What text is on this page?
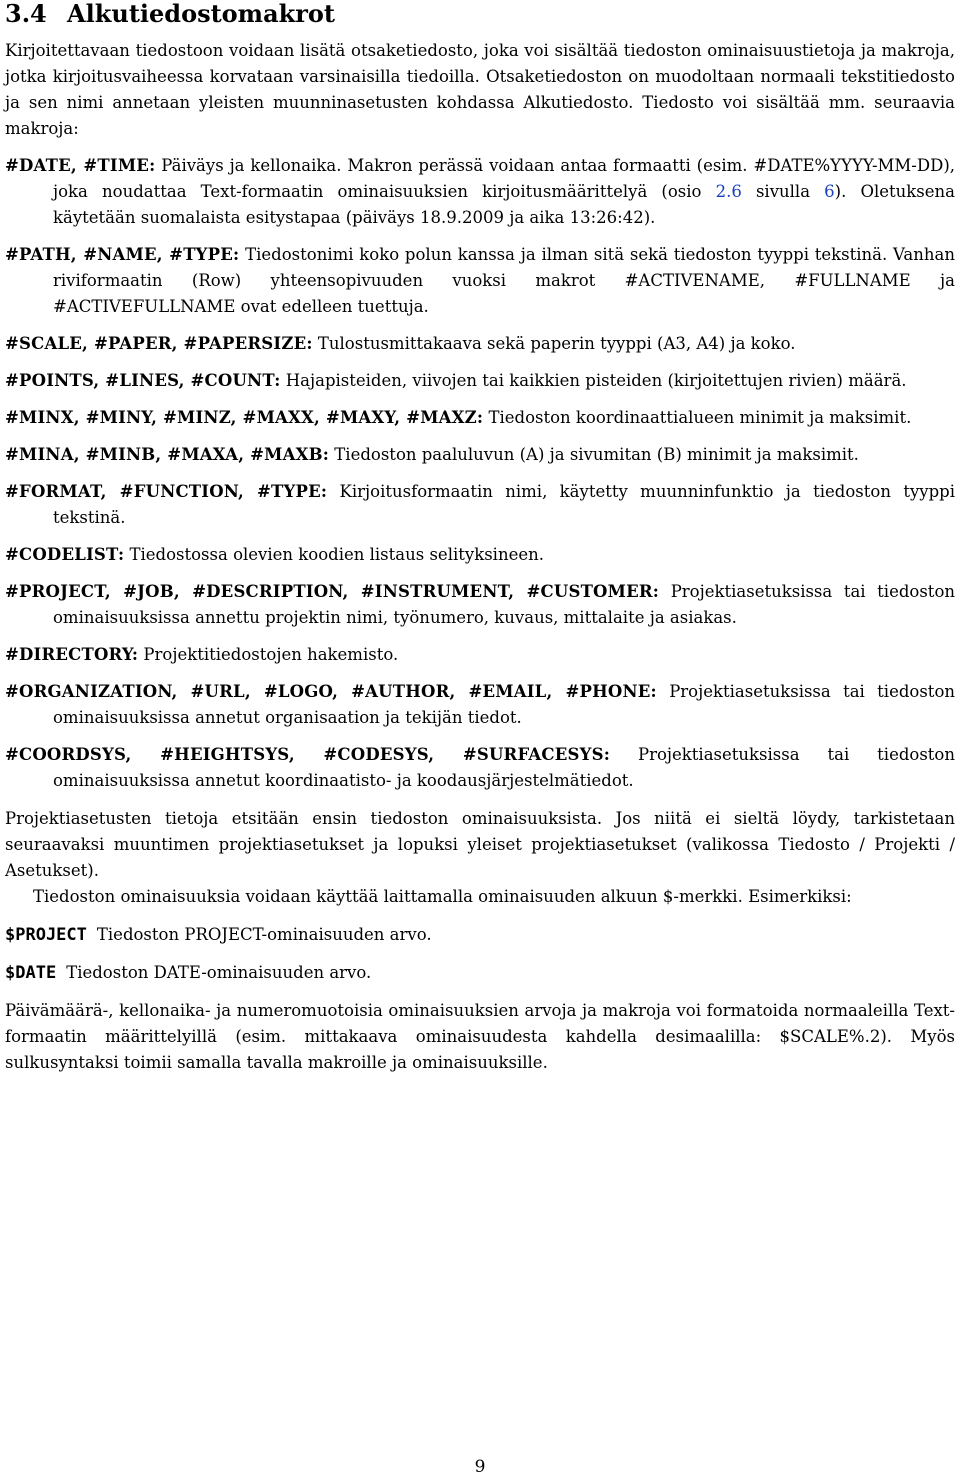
3.4 Alkutiedostomakrot

Kirjoitettavaan tiedostoon voidaan lisätä otsaketiedosto, joka voi sisältää tiedoston ominaisuustietoja ja makroja, jotka kirjoitusvaiheessa korvataan varsinaisilla tiedoilla. Otsaketiedoston on muodoltaan normaali tekstitiedosto ja sen nimi annetaan yleisten muunninasetusten kohdassa Alkutiedosto. Tiedosto voi sisältää mm. seuraavia makroja:

#DATE, #TIME: Päiväys ja kellonaika. Makron perässä voidaan antaa formaatti (esim. #DATE%YYYY-MM-DD), joka noudattaa Text-formaatin ominaisuuksien kirjoitusmäärittelyä (osio 2.6 sivulla 6). Oletuksena käytetään suomalaista esitystapaa (päiväys 18.9.2009 ja aika 13:26:42).

#PATH, #NAME, #TYPE: Tiedostonimi koko polun kanssa ja ilman sitä sekä tiedoston tyyppi tekstinä. Vanhan riviformaatin (Row) yhteensopivuuden vuoksi makrot #ACTIVENAME, #FULLNAME ja #ACTIVEFULLNAME ovat edelleen tuettuja.

#SCALE, #PAPER, #PAPERSIZE: Tulostusmittakaava sekä paperin tyyppi (A3, A4) ja koko.

#POINTS, #LINES, #COUNT: Hajapisteiden, viivojen tai kaikkien pisteiden (kirjoitettujen rivien) määrä.

#MINX, #MINY, #MINZ, #MAXX, #MAXY, #MAXZ: Tiedoston koordinaattialueen minimit ja maksimit.

#MINA, #MINB, #MAXA, #MAXB: Tiedoston paaluluvun (A) ja sivumitan (B) minimit ja maksimit.

#FORMAT, #FUNCTION, #TYPE: Kirjoitusformaatin nimi, käytetty muunninfunktio ja tiedoston tyyppi tekstinä.

#CODELIST: Tiedostossa olevien koodien listaus selityksineen.

#PROJECT, #JOB, #DESCRIPTION, #INSTRUMENT, #CUSTOMER: Projektiasetuksissa tai tiedoston ominaisuuksissa annettu projektin nimi, työnumero, kuvaus, mittalaite ja asiakas.

#DIRECTORY: Projektitiedostojen hakemisto.

#ORGANIZATION, #URL, #LOGO, #AUTHOR, #EMAIL, #PHONE: Projektiasetuksissa tai tiedoston ominaisuuksissa annetut organisaation ja tekijän tiedot.

#COORDSYS, #HEIGHTSYS, #CODESYS, #SURFACESYS: Projektiasetuksissa tai tiedoston ominaisuuksissa annetut koordinaatisto- ja koodausjärjestelmätiedot.

Projektiasetusten tietoja etsitään ensin tiedoston ominaisuuksista. Jos niitä ei sieltä löydy, tarkistetaan seuraavaksi muuntimen projektiasetukset ja lopuksi yleiset projektiasetukset (valikossa Tiedosto / Projekti / Asetukset).

Tiedoston ominaisuuksia voidaan käyttää laittamalla ominaisuuden alkuun $-merkki. Esimerkiksi:

$PROJECT Tiedoston PROJECT-ominaisuuden arvo.

$DATE Tiedoston DATE-ominaisuuden arvo.

Päivämäärä-, kellonaika- ja numeromuotoisia ominaisuuksien arvoja ja makroja voi formatoida normaaleilla Text-formaatin määrittelyillä (esim. mittakaava ominaisuudesta kahdella desimaalilla: $SCALE%.2). Myös sulkusyntaksi toimii samalla tavalla makroille ja ominaisuuksille.

9
